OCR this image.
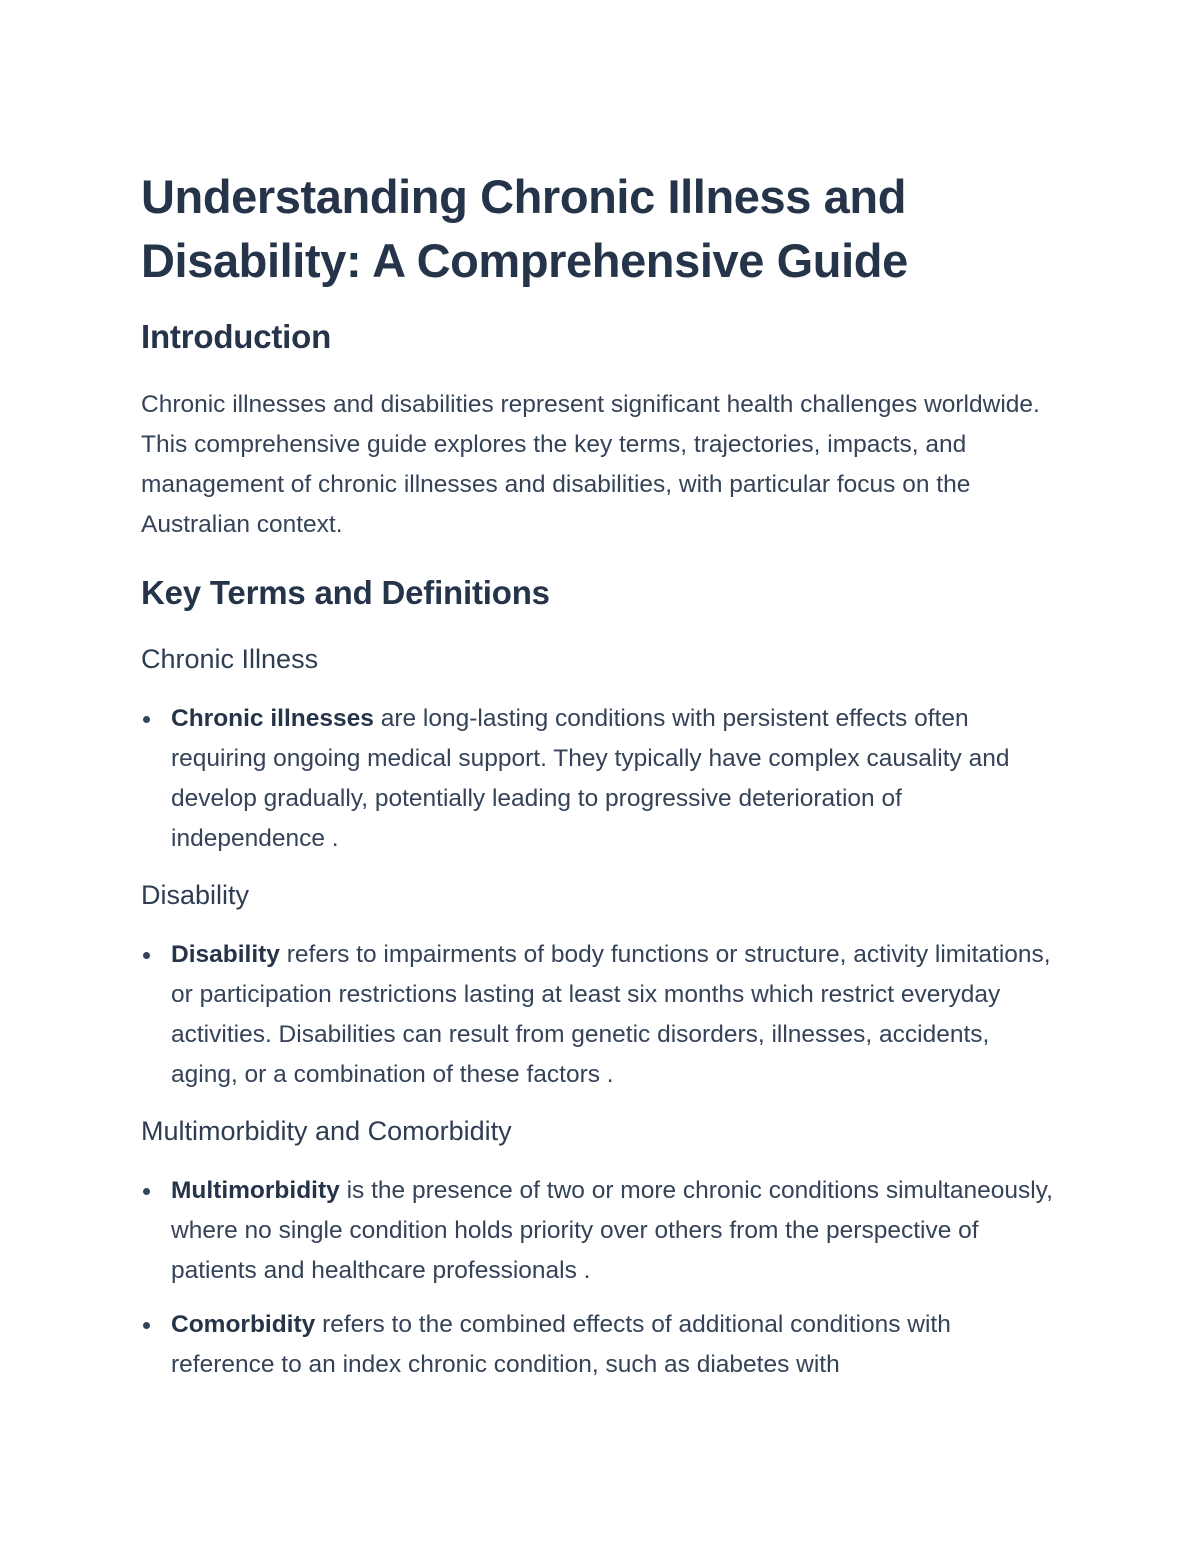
Understanding Chronic Illness and Disability: A Comprehensive Guide
Introduction

Chronic illnesses and disabilities represent significant health challenges worldwide. This comprehensive guide explores the key terms, trajectories, impacts, and management of chronic illnesses and disabilities, with particular focus on the Australian context.

Key Terms and Definitions
Chronic Illness
Chronic illnesses are long-lasting conditions with persistent effects often requiring ongoing medical support. They typically have complex causality and develop gradually, potentially leading to progressive deterioration of independence .
Disability
Disability refers to impairments of body functions or structure, activity limitations, or participation restrictions lasting at least six months which restrict everyday activities. Disabilities can result from genetic disorders, illnesses, accidents, aging, or a combination of these factors .
Multimorbidity and Comorbidity
Multimorbidity is the presence of two or more chronic conditions simultaneously, where no single condition holds priority over others from the perspective of patients and healthcare professionals .
Comorbidity refers to the combined effects of additional conditions with reference to an index chronic condition, such as diabetes with
